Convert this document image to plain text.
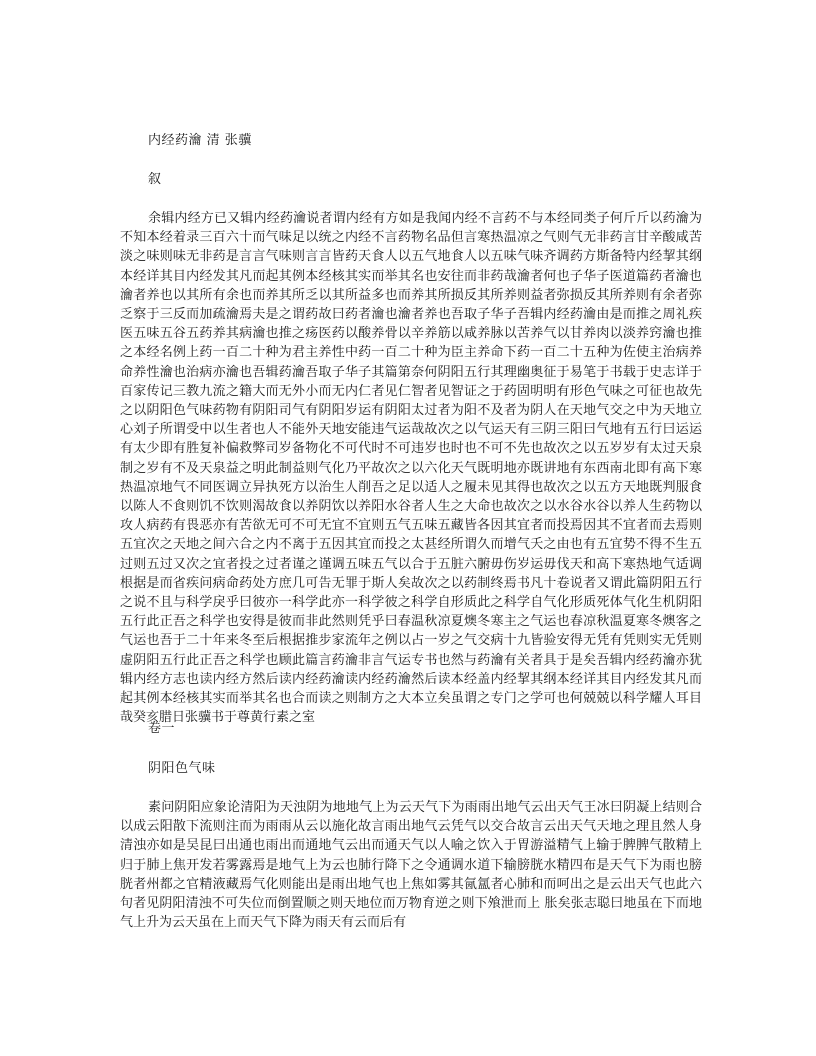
内经药瀹 清 张骥
叙

余辑内经方已又辑内经药瀹说者谓内经有方如是我闻内经不言药不与本经同类子何斤斤以药瀹为不知本经着录三百六十而气味足以统之内经不言药物名品但言寒热温凉之气则气无非药言甘辛酸咸苦淡之味则味无非药是言言气味则言言皆药天食人以五气地食人以五味气味齐调药方斯备特内经挈其纲本经详其目内经发其凡而起其例本经核其实而举其名也安往而非药哉瀹者何也子华子医道篇药者瀹也瀹者养也以其所有余也而养其所乏以其所益多也而养其所损反其所养则益者弥损反其所养则有余者弥乏察于三反而加疏瀹焉夫是之谓药故曰药者瀹也瀹者养也吾取子华子吾辑内经药瀹由是而推之周礼疾医五味五谷五药养其病瀹也推之疡医药以酸养骨以辛养筋以咸养脉以苦养气以甘养肉以淡养窍瀹也推之本经名例上药一百二十种为君主养性中药一百二十种为臣主养命下药一百二十五种为佐使主治病养命养性瀹也治病亦瀹也吾辑药瀹吾取子华子其篇第奈何阴阳五行其理幽奥征于易笔于书载于史志详于百家传记三教九流之籍大而无外小而无内仁者见仁智者见智证之于药固明明有形色气味之可征也故先之以阴阳色气味药物有阴阳司气有阴阳岁运有阴阳太过者为阳不及者为阴人在天地气交之中为天地立心刘子所谓受中以生者也人不能外天地安能违气运哉故次之以气运天有三阴三阳曰气地有五行曰运运有太少即有胜复补偏救弊司岁备物化不可代时不可违岁也时也不可不先也故次之以五岁岁有太过天泉制之岁有不及天泉益之明此制益则气化乃平故次之以六化天气既明地亦既讲地有东西南北即有高下寒热温凉地气不同医调立异执死方以治生人削吾之足以适人之履未见其得也故次之以五方天地既判服食以陈人不食则饥不饮则渴故食以养阴饮以养阳水谷者人生之大命也故次之以水谷水谷以养人生药物以攻人病药有畏恶亦有苦欲无可不可无宜不宜则五气五味五藏皆各因其宜者而投焉因其不宜者而去焉则五宜次之天地之间六合之内不离于五因其宜而投之太甚经所谓久而增气夭之由也有五宜势不得不生五过则五过又次之宜者投之过者谨之谨调五味五气以合于五脏六腑毋伤岁运毋伐天和高下寒热地气适调根据是而省疾问病命药处方庶几可告无罪于斯人矣故次之以药制终焉书凡十卷说者又谓此篇阴阳五行之说不且与科学戾乎曰彼亦一科学此亦一科学彼之科学自形质此之科学自气化形质死体气化生机阴阳五行此正吾之科学也安得是彼而非此然则凭乎曰春温秋凉夏燠冬寒主之气运也春凉秋温夏寒冬燠客之气运也吾于二十年来冬至后根据推步家流年之例以占一岁之气交病十九皆验安得无凭有凭则实无凭则虚阴阳五行此正吾之科学也顾此篇言药瀹非言气运专书也然与药瀹有关者具于是矣吾辑内经药瀹亦犹辑内经方志也读内经方然后读内经药瀹读内经药瀹然后读本经盖内经挈其纲本经详其目内经发其凡而起其例本经核其实而举其名也合而读之则制方之大本立矣虽谓之专门之学可也何兢兢以科学耀人耳目哉癸亥腊日张骥书于尊黄行素之室

卷一
阴阳色气味

素问阴阳应象论清阳为天浊阴为地地气上为云天气下为雨雨出地气云出天气王冰曰阴凝上结则合以成云阳散下流则注而为雨雨从云以施化故言雨出地气云凭气以交合故言云出天气天地之理且然人身清浊亦如是吴昆曰出通也雨出而通地气云出而通天气以人喻之饮入于胃游溢精气上输于脾脾气散精上归于肺上焦开发若雾露焉是地气上为云也肺行降下之令通调水道下输膀胱水精四布是天气下为雨也膀胱者州都之官精液藏焉气化则能出是雨出地气也上焦如雾其氤氲者心肺和而呵出之是云出天气也此六句者见阴阳清浊不可失位而倒置顺之则天地位而万物育逆之则下飧泄而上 胀矣张志聪曰地虽在下而地气上升为云天虽在上而天气下降为雨天有云而后有
